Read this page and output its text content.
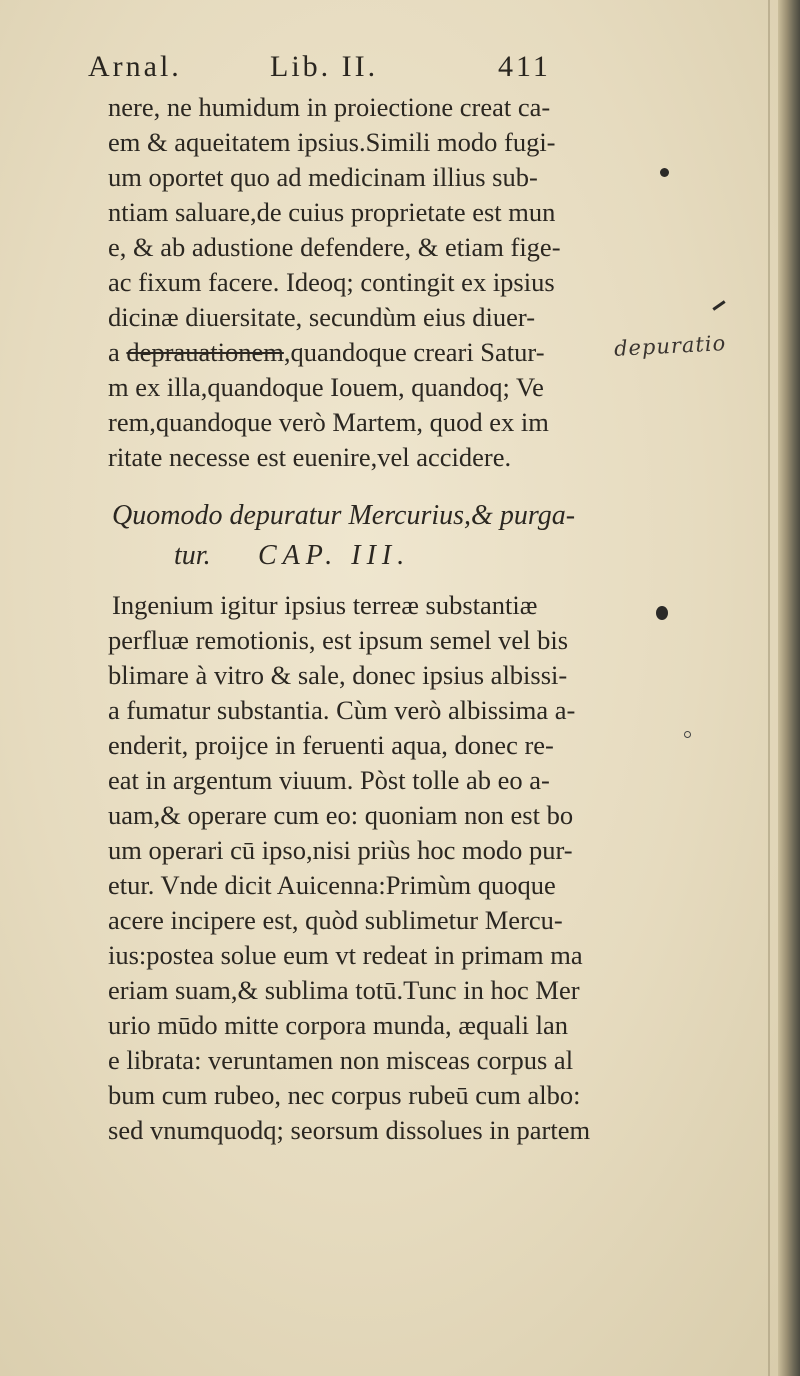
Arnal.	Lib. II.	411
nere, ne humidum in proiectione creat ca-
em & aqueitatem ipsius.Simili modo fugi-
um oportet quo ad medicinam illius sub-
ntiam saluare,de cuius proprietate est mun
e, & ab adustione defendere, & etiam fige-
ac fixum facere. Ideoq; contingit ex ipsius
dicinæ diuersitate, secundùm eius diuer-
a deprauationem,quandoque creari Satur-
m ex illa,quandoque Iouem, quandoq; Ve
rem,quandoque verò Martem, quod ex im
ritate necesse est euenire,vel accidere.
Quomodo depuratur Mercurius,& purga-
tur. CAP. III.
Ingenium igitur ipsius terreæ substantiæ
perfluæ remotionis, est ipsum semel vel bis
blimare à vitro & sale, donec ipsius albissi-
a fumatur substantia. Cùm verò albissima a-
enderit, proijce in feruenti aqua, donec re-
eat in argentum viuum. Pòst tolle ab eo a-
uam,& operare cum eo: quoniam non est bo
um operari cū ipso,nisi priùs hoc modo pur-
etur. Vnde dicit Auicenna:Primùm quoque
acere incipere est, quòd sublimetur Mercu-
ius:postea solue eum vt redeat in primam ma
eriam suam,& sublima totū.Tunc in hoc Mer
urio mūdo mitte corpora munda, æquali lan
e librata: veruntamen non misceas corpus al
bum cum rubeo, nec corpus rubeū cum albo:
sed vnumquodq; seorsum dissolues in partem
depuratio
